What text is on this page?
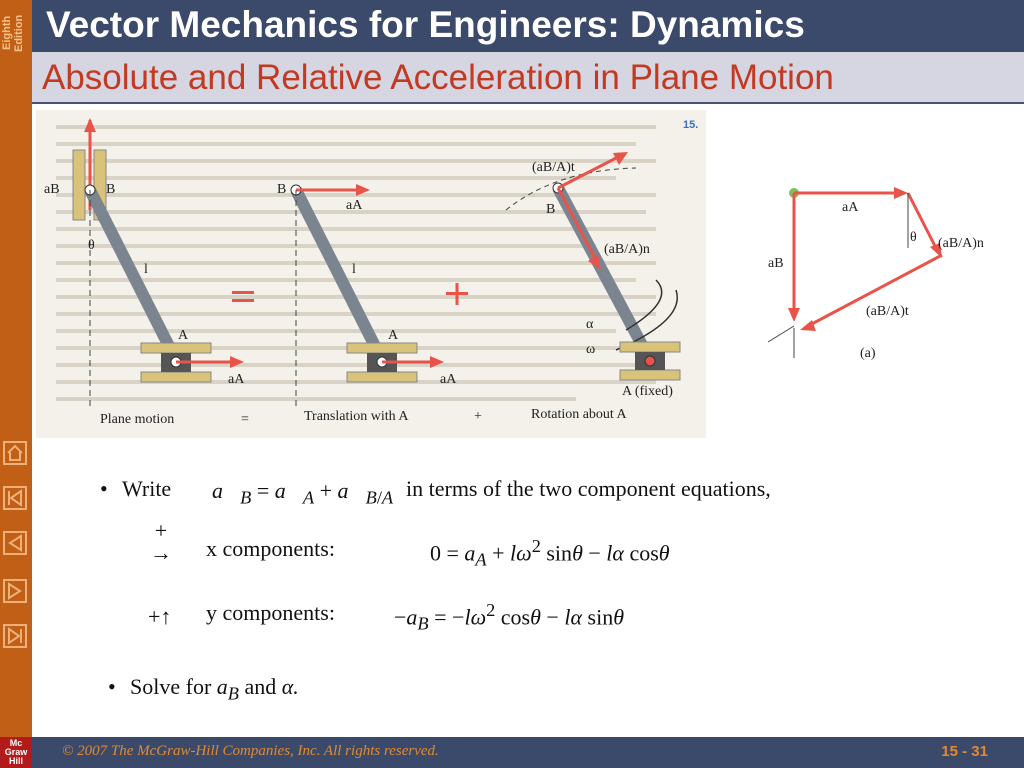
Eighth Edition
Mc Graw Hill
Vector Mechanics for Engineers: Dynamics
Absolute and Relative Acceleration in Plane Motion
aB	B
θ
l
A
aA
B
aA
l
A
aA
(aB/A)t
B
(aB/A)n
α
ω
A (fixed)
Plane motion	=	Translation with A	+	Rotation about A
15.
aA
θ (aB/A)n
aB
(aB/A)t
(a)
• Write $a⃗_B$ = $a⃗_A$ + $a⃗_{B/A}$ in terms of the two component equations,
+
→ x components:	$0 = a_A + l\omega^2$ sinθ − lα cosθ
+↑ y components:	$-a_B = -l\omega^2$ cosθ − lα sinθ
• Solve for $a_B$ and α.
© 2007 The McGraw-Hill Companies, Inc. All rights reserved.	15 - 31
